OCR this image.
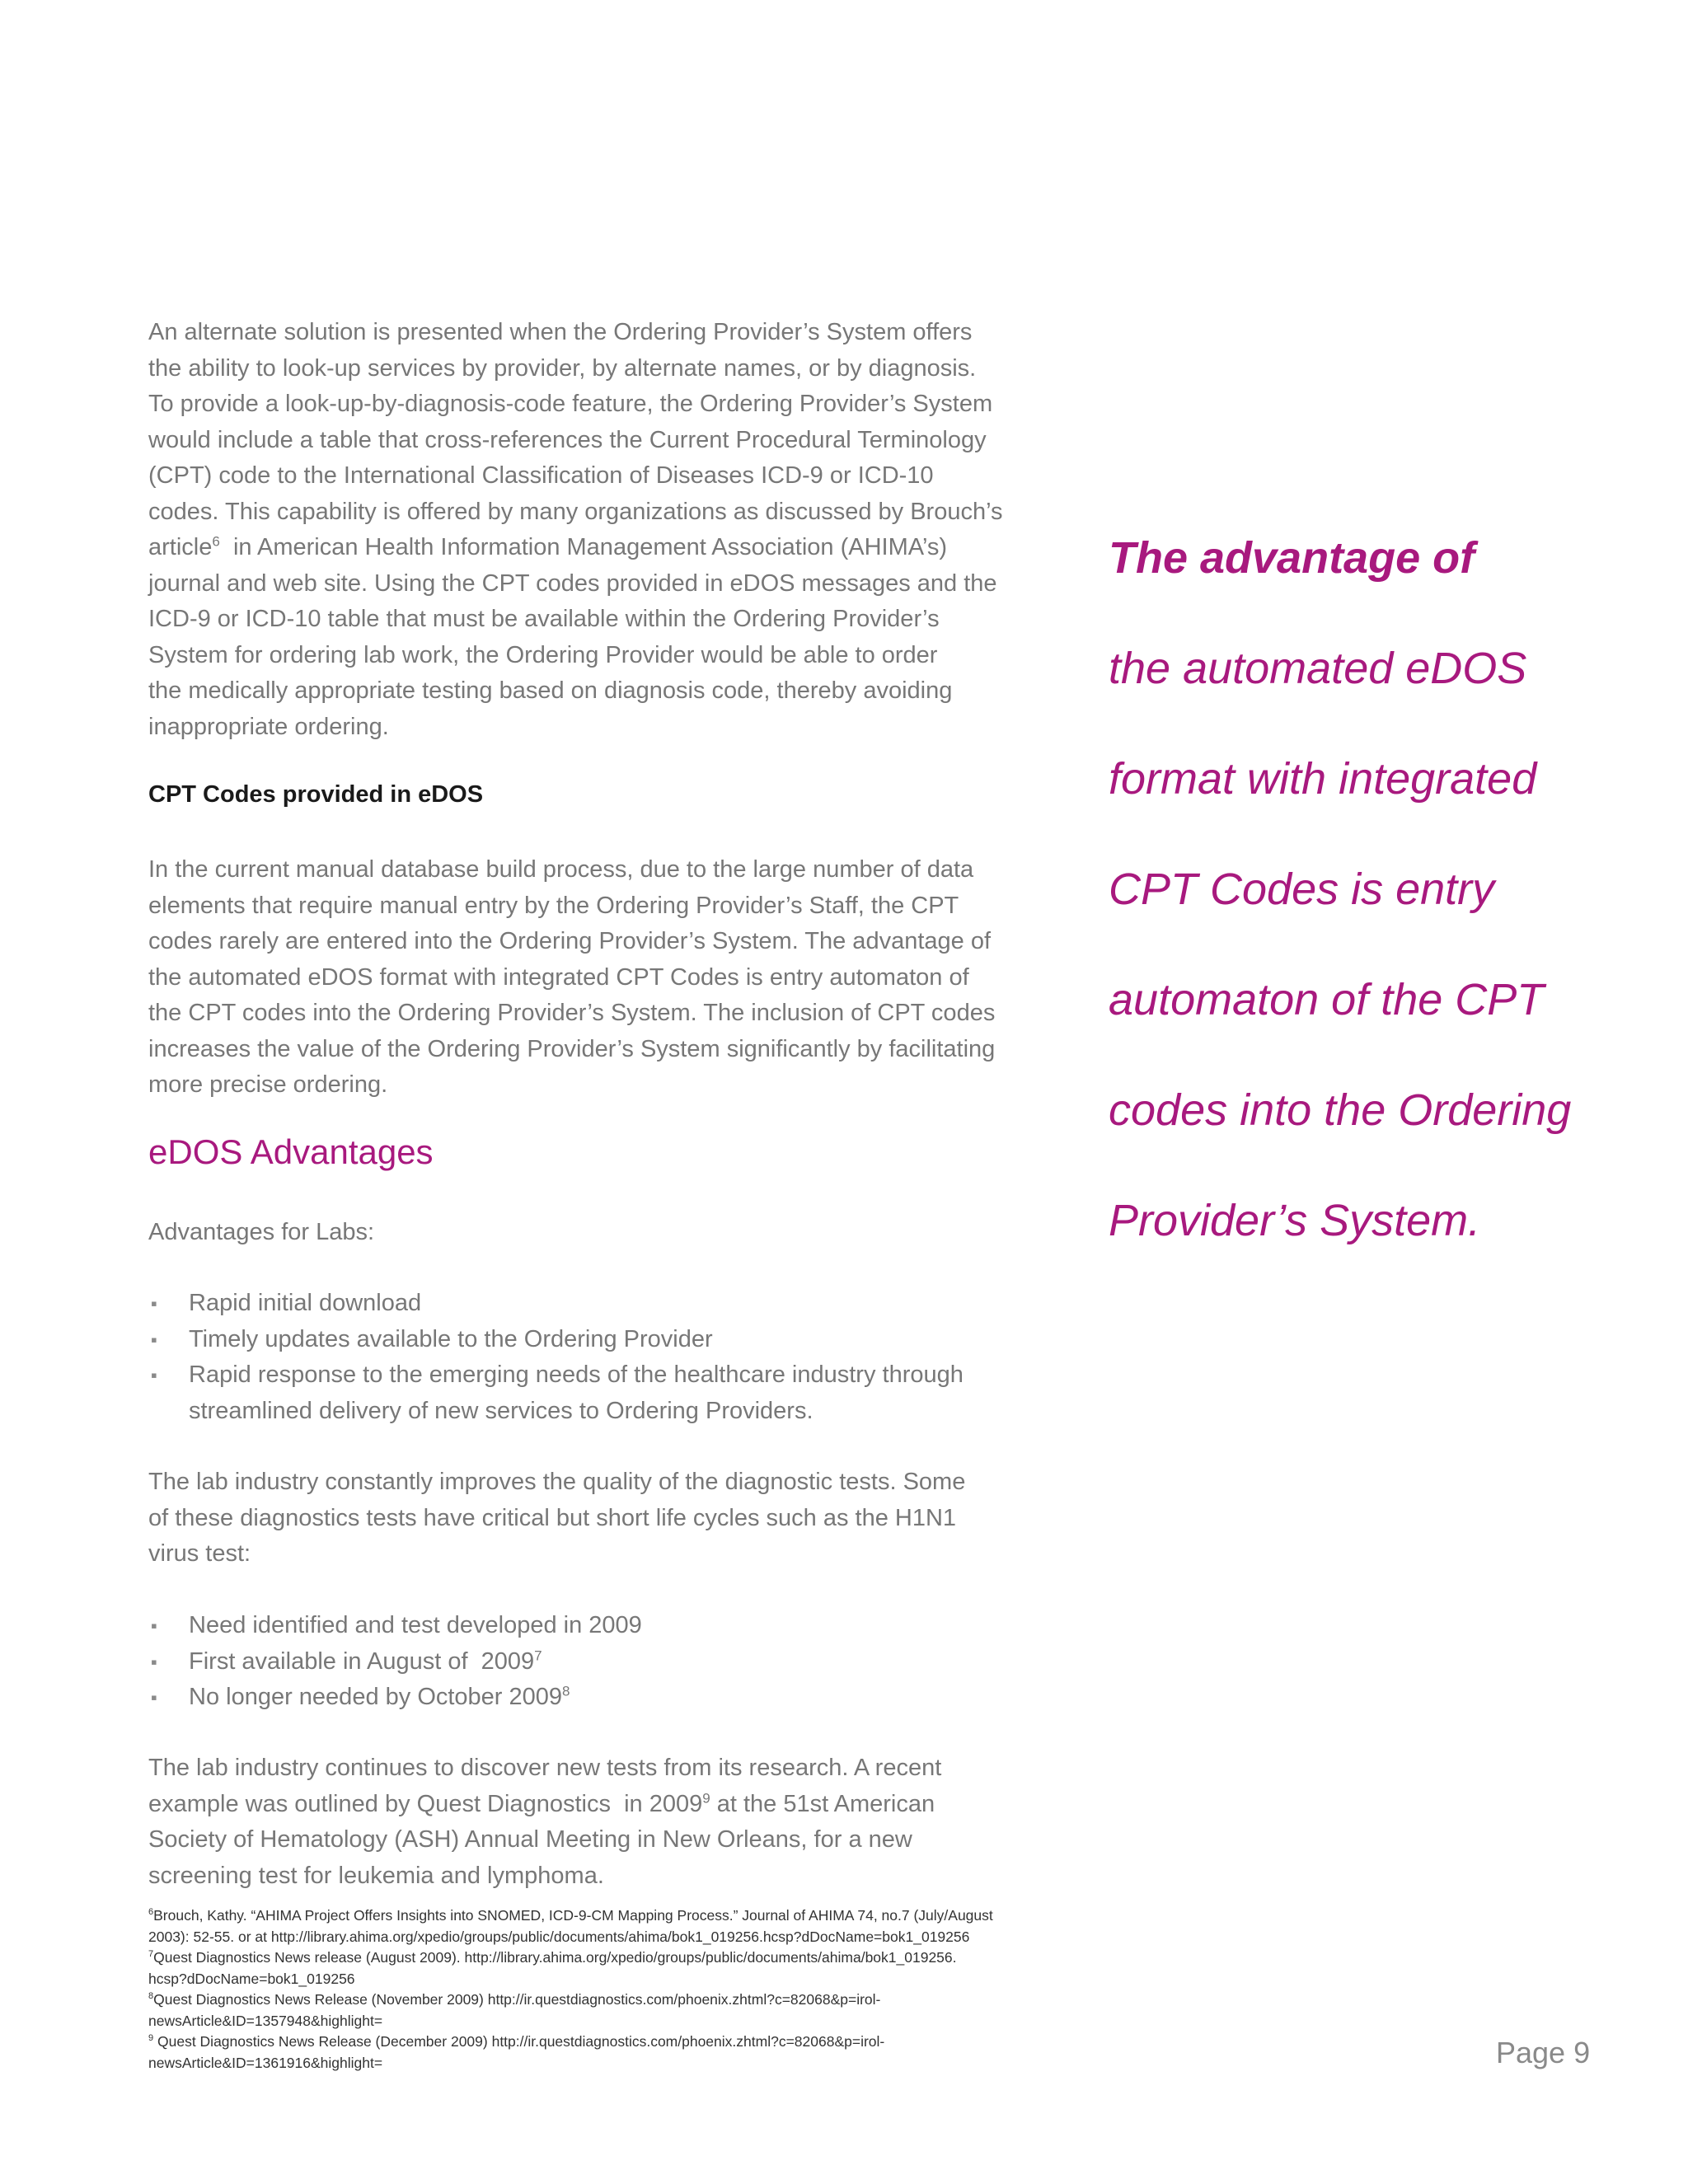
An alternate solution is presented when the Ordering Provider’s System offers

the ability to look-up services by provider, by alternate names, or by diagnosis.

To provide a look-up-by-diagnosis-code feature, the Ordering Provider’s System

would include a table that cross-references the Current Procedural Terminology

(CPT) code to the International Classification of Diseases ICD-9 or ICD-10

codes. This capability is offered by many organizations as discussed by Brouch’s

article$^6$  in American Health Information Management Association (AHIMA’s)

journal and web site. Using the CPT codes provided in eDOS messages and the

ICD-9 or ICD-10 table that must be available within the Ordering Provider’s

System for ordering lab work, the Ordering Provider would be able to order

the medically appropriate testing based on diagnosis code, thereby avoiding

inappropriate ordering.

CPT Codes provided in eDOS

In the current manual database build process, due to the large number of data

elements that require manual entry by the Ordering Provider’s Staff, the CPT

codes rarely are entered into the Ordering Provider’s System. The advantage of

the automated eDOS format with integrated CPT Codes is entry automaton of

the CPT codes into the Ordering Provider’s System. The inclusion of CPT codes

increases the value of the Ordering Provider’s System significantly by facilitating

more precise ordering.

eDOS Advantages

Advantages for Labs:

▪ Rapid initial download
▪ Timely updates available to the Ordering Provider
▪ Rapid response to the emerging needs of the healthcare industry through
streamlined delivery of new services to Ordering Providers.

The lab industry constantly improves the quality of the diagnostic tests. Some

of these diagnostics tests have critical but short life cycles such as the H1N1

virus test:

▪ Need identified and test developed in 2009
▪ First available in August of  2009$^7$
▪ No longer needed by October 2009$^8$

The lab industry continues to discover new tests from its research. A recent

example was outlined by Quest Diagnostics  in 2009$^9$ at the 51st American

Society of Hematology (ASH) Annual Meeting in New Orleans, for a new

screening test for leukemia and lymphoma.

$^6$Brouch, Kathy. “AHIMA Project Offers Insights into SNOMED, ICD-9-CM Mapping Process.” Journal of AHIMA 74, no.7 (July/August
2003): 52-55. or at http://library.ahima.org/xpedio/groups/public/documents/ahima/bok1_019256.hcsp?dDocName=bok1_019256

$^7$Quest Diagnostics News release (August 2009). http://library.ahima.org/xpedio/groups/public/documents/ahima/bok1_019256.
hcsp?dDocName=bok1_019256

$^8$Quest Diagnostics News Release (November 2009) http://ir.questdiagnostics.com/phoenix.zhtml?c=82068&p=irol-
newsArticle&ID=1357948&highlight=

$^9$ Quest Diagnostics News Release (December 2009) http://ir.questdiagnostics.com/phoenix.zhtml?c=82068&p=irol-
newsArticle&ID=1361916&highlight=

The advantage of
the automated eDOS
format with integrated
CPT Codes is entry
automaton of the CPT
codes into the Ordering
Provider’s System.
Page 9
